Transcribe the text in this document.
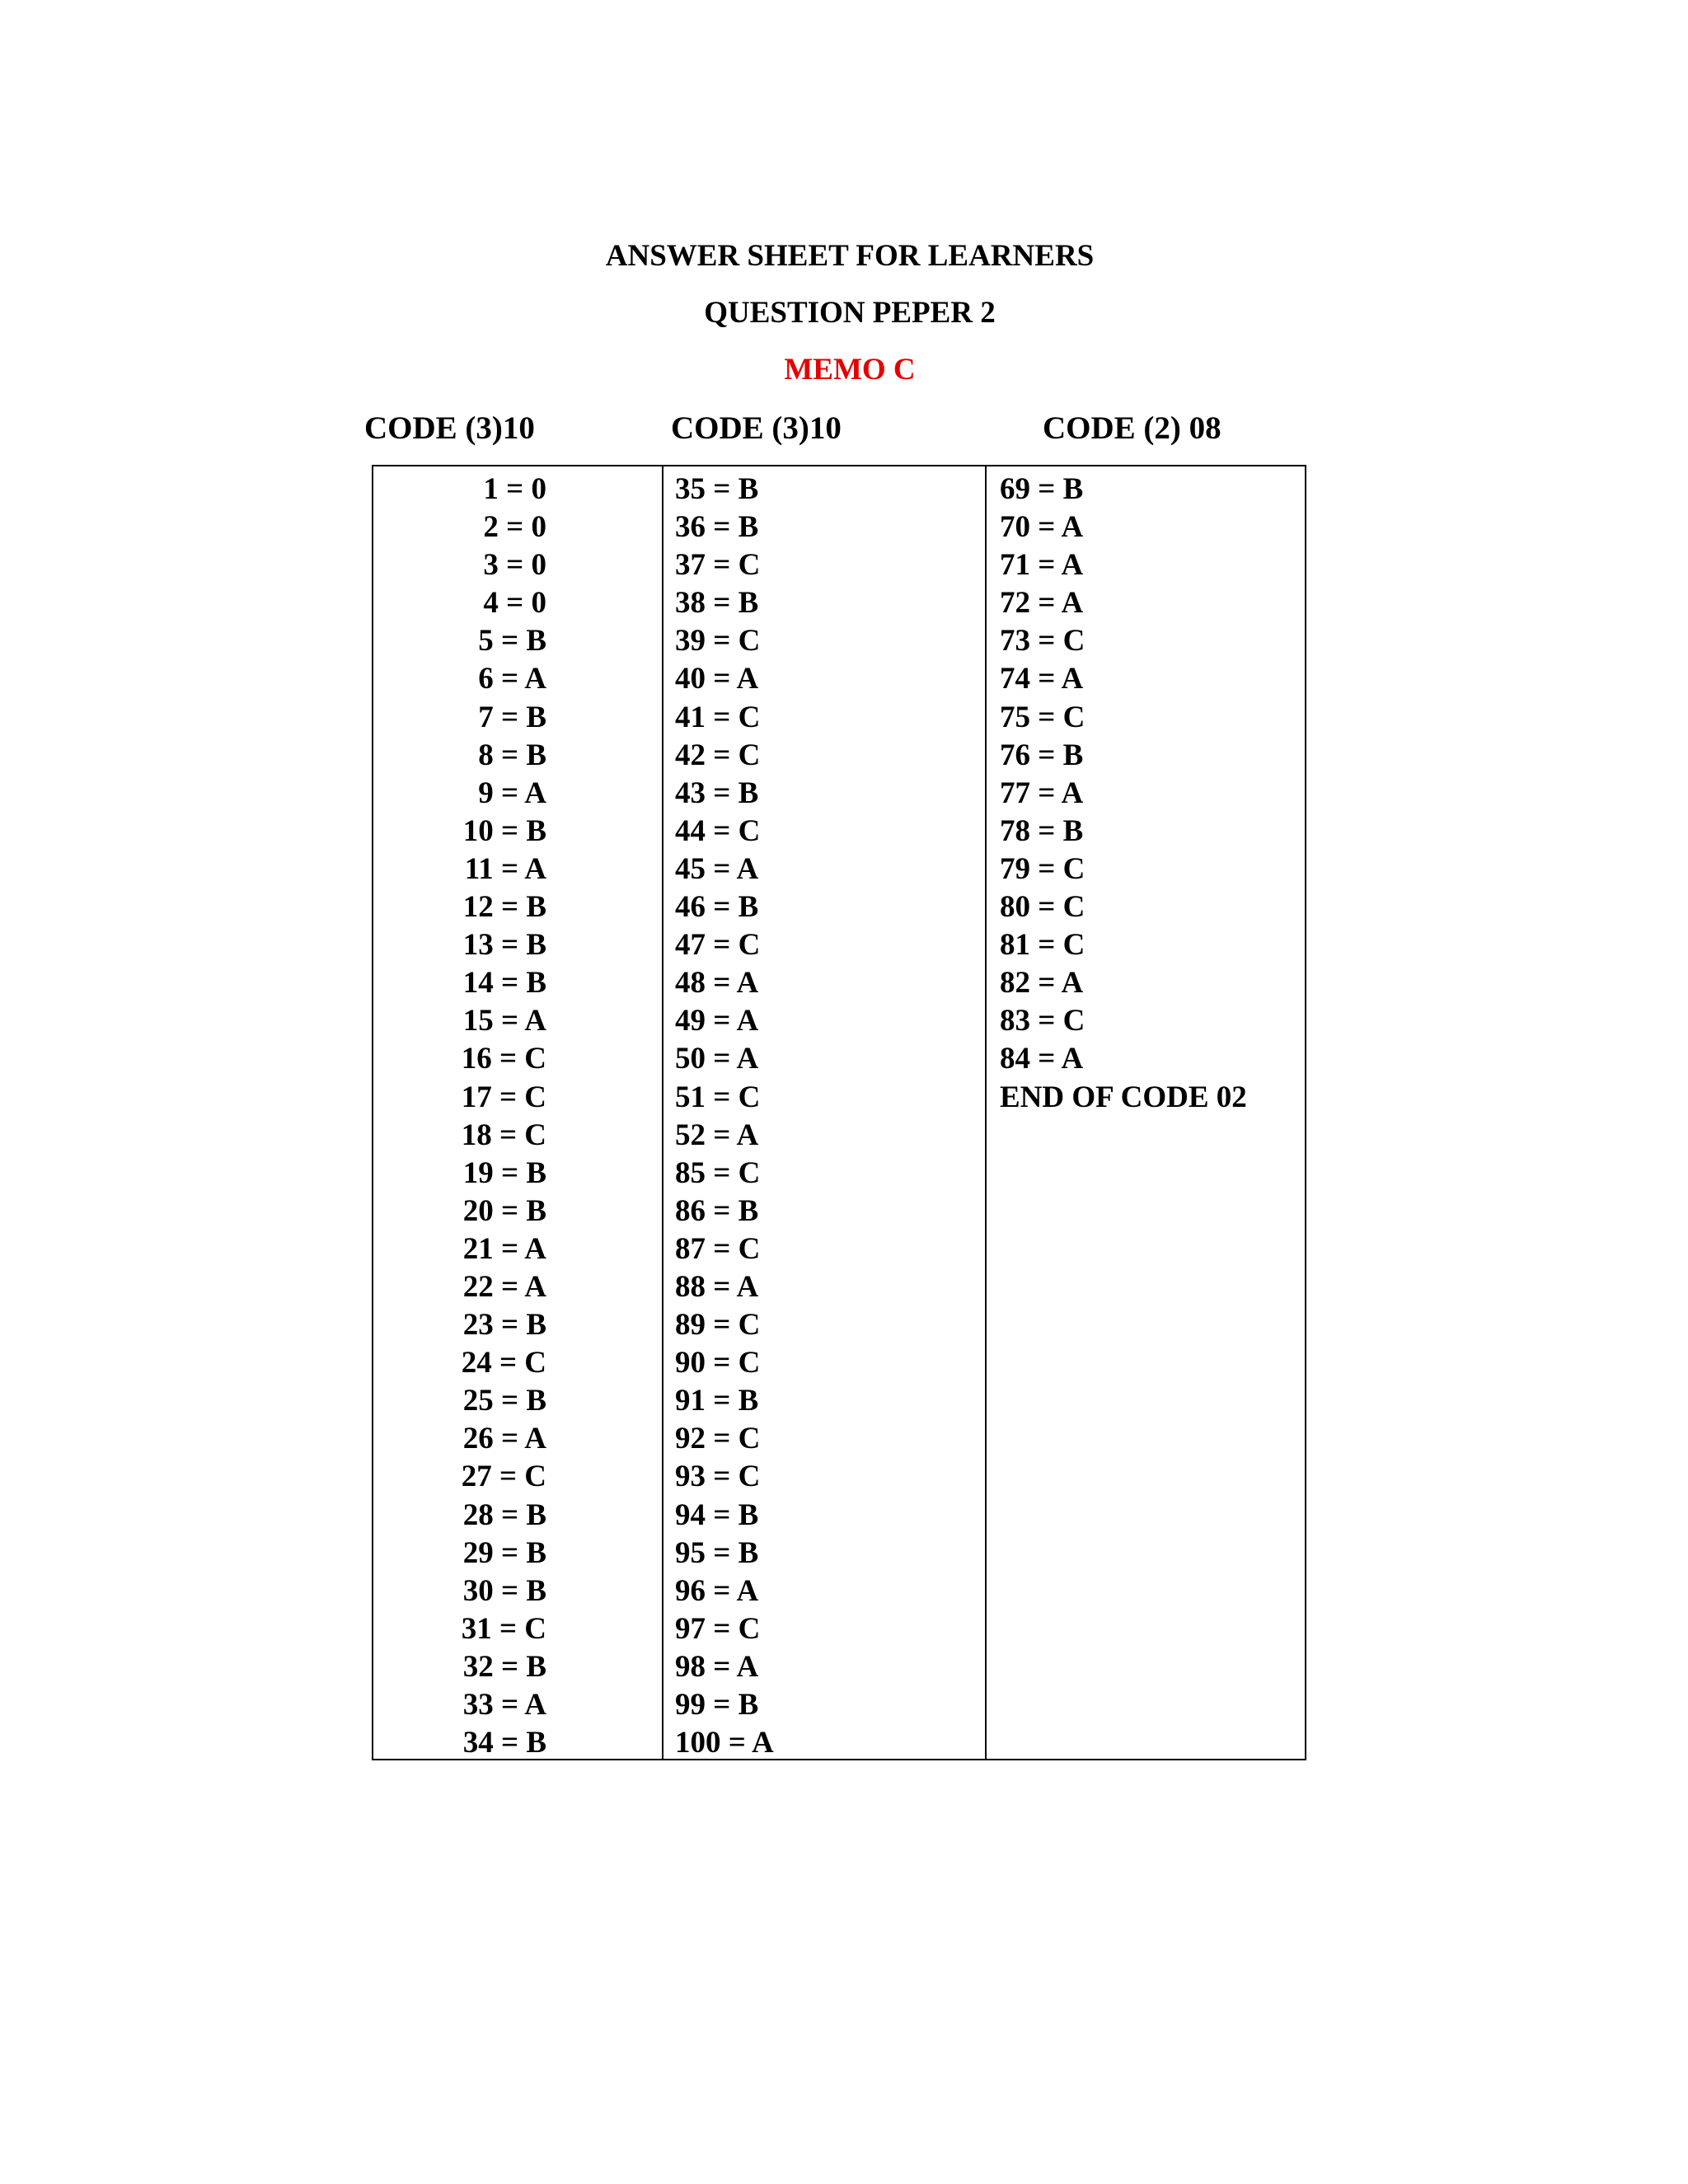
ANSWER SHEET FOR LEARNERS
QUESTION PEPER 2
MEMO C
CODE (3)10	CODE (3)10	CODE (2) 08
1 = 0
2 = 0
3 = 0
4 = 0
5 = B
6 = A
7 = B
8 = B
9 = A
10 = B
11 = A
12 = B
13 = B
14 = B
15 = A
16 = C
17 = C
18 = C
19 = B
20 = B
21 = A
22 = A
23 = B
24 = C
25 = B
26 = A
27 = C
28 = B
29 = B
30 = B
31 = C
32 = B
33 = A
34 = B
35 = B
36 = B
37 = C
38 = B
39 = C
40 = A
41 = C
42 = C
43 = B
44 = C
45 = A
46 = B
47 = C
48 = A
49 = A
50 = A
51 = C
52 = A
85 = C
86 = B
87 = C
88 = A
89 = C
90 = C
91 = B
92 = C
93 = C
94 = B
95 = B
96 = A
97 = C
98 = A
99 = B
100 = A
69 = B
70 = A
71 = A
72 = A
73 = C
74 = A
75 = C
76 = B
77 = A
78 = B
79 = C
80 = C
81 = C
82 = A
83 = C
84 = A
END OF CODE 02
